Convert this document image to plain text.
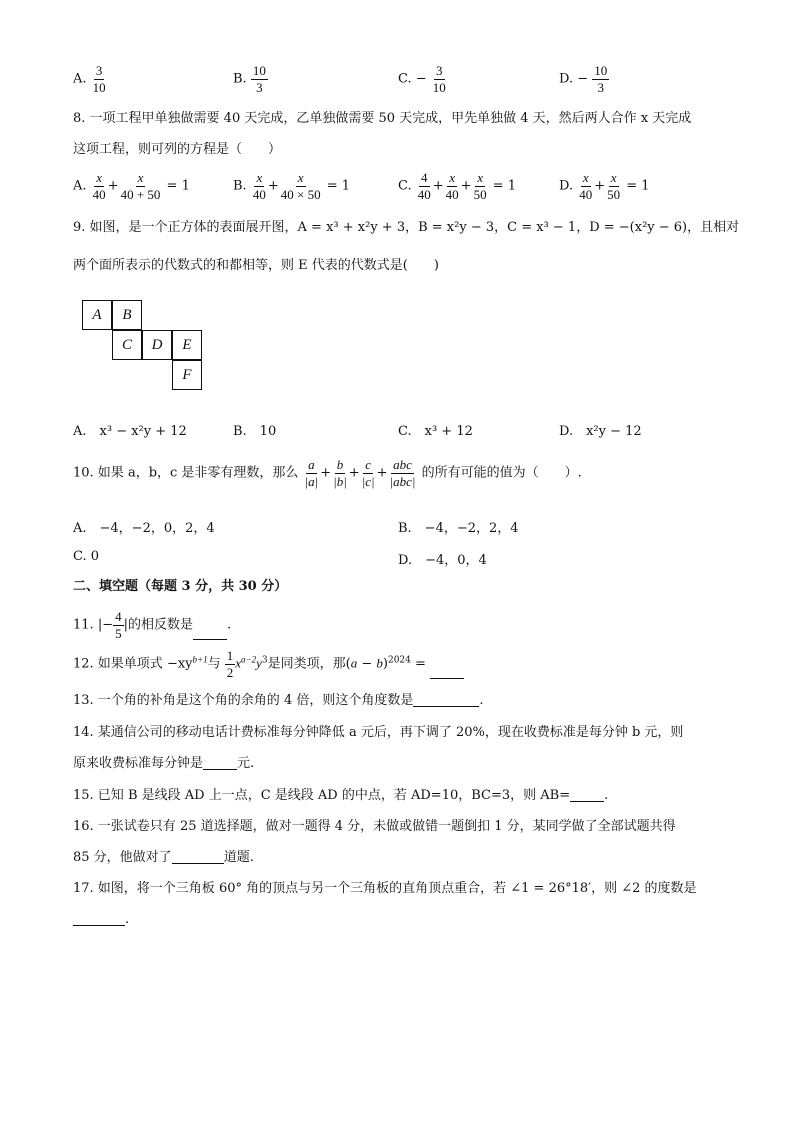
A. $\frac{3}{10}$	B. $\frac{10}{3}$	C. − $\frac{3}{10}$	D. − $\frac{10}{3}$
8. 一项工程甲单独做需要 40 天完成，乙单独做需要 50 天完成，甲先单独做 4 天，然后两人合作 x 天完成
这项工程，则可列的方程是（　　）
A. $\frac{x}{40} + \frac{x}{40 + 50} = 1$	B. $\frac{x}{40} + \frac{x}{40 \times 50} = 1$	C. $\frac{4}{40} + \frac{x}{40} + \frac{x}{50} = 1$	D. $\frac{x}{40} + \frac{x}{50} = 1$
9. 如图，是一个正方体的表面展开图，A = x³ + x²y + 3，B = x²y − 3，C = x³ − 1，D = −(x²y − 6)，且相对
两个面所表示的代数式的和都相等，则 E 代表的代数式是(　　)
A	B
C	D	E
F
A.　x³ − x²y + 12	B.　10	C.　x³ + 12	D.　x²y − 12
10. 如果 a，b，c 是非零有理数，那么 $\frac{a}{|a|} + \frac{b}{|b|} + \frac{c}{|c|} + \frac{\text{abc}}{\text{|abc|}}$ 的所有可能的值为（　　）.
A.　−4，−2，0，2，4	B.　−4，−2，2，4
C. 0	D.　−4，0，4
二、填空题（每题 3 分，共 30 分）
11. |− $\frac{4}{5}$ |的相反数是	.
12. 如果单项式 $-xy^{b+1}$与 $\frac{1}{2} x^{a-2}y^3$是同类项，那$(a - b)^{2024}$ =
13. 一个角的补角是这个角的余角的 4 倍，则这个角度数是	.
14. 某通信公司的移动电话计费标准每分钟降低 a 元后，再下调了 20%，现在收费标准是每分钟 b 元，则
原来收费标准每分钟是	元.
15. 已知 B 是线段 AD 上一点，C 是线段 AD 的中点，若 AD=10，BC=3，则 AB=	.
16. 一张试卷只有 25 道选择题，做对一题得 4 分，未做或做错一题倒扣 1 分，某同学做了全部试题共得
85 分，他做对了	道题.
17. 如图，将一个三角板 60° 角的顶点与另一个三角板的直角顶点重合，若 ∠1 = 26°18′，则 ∠2 的度数是
.
